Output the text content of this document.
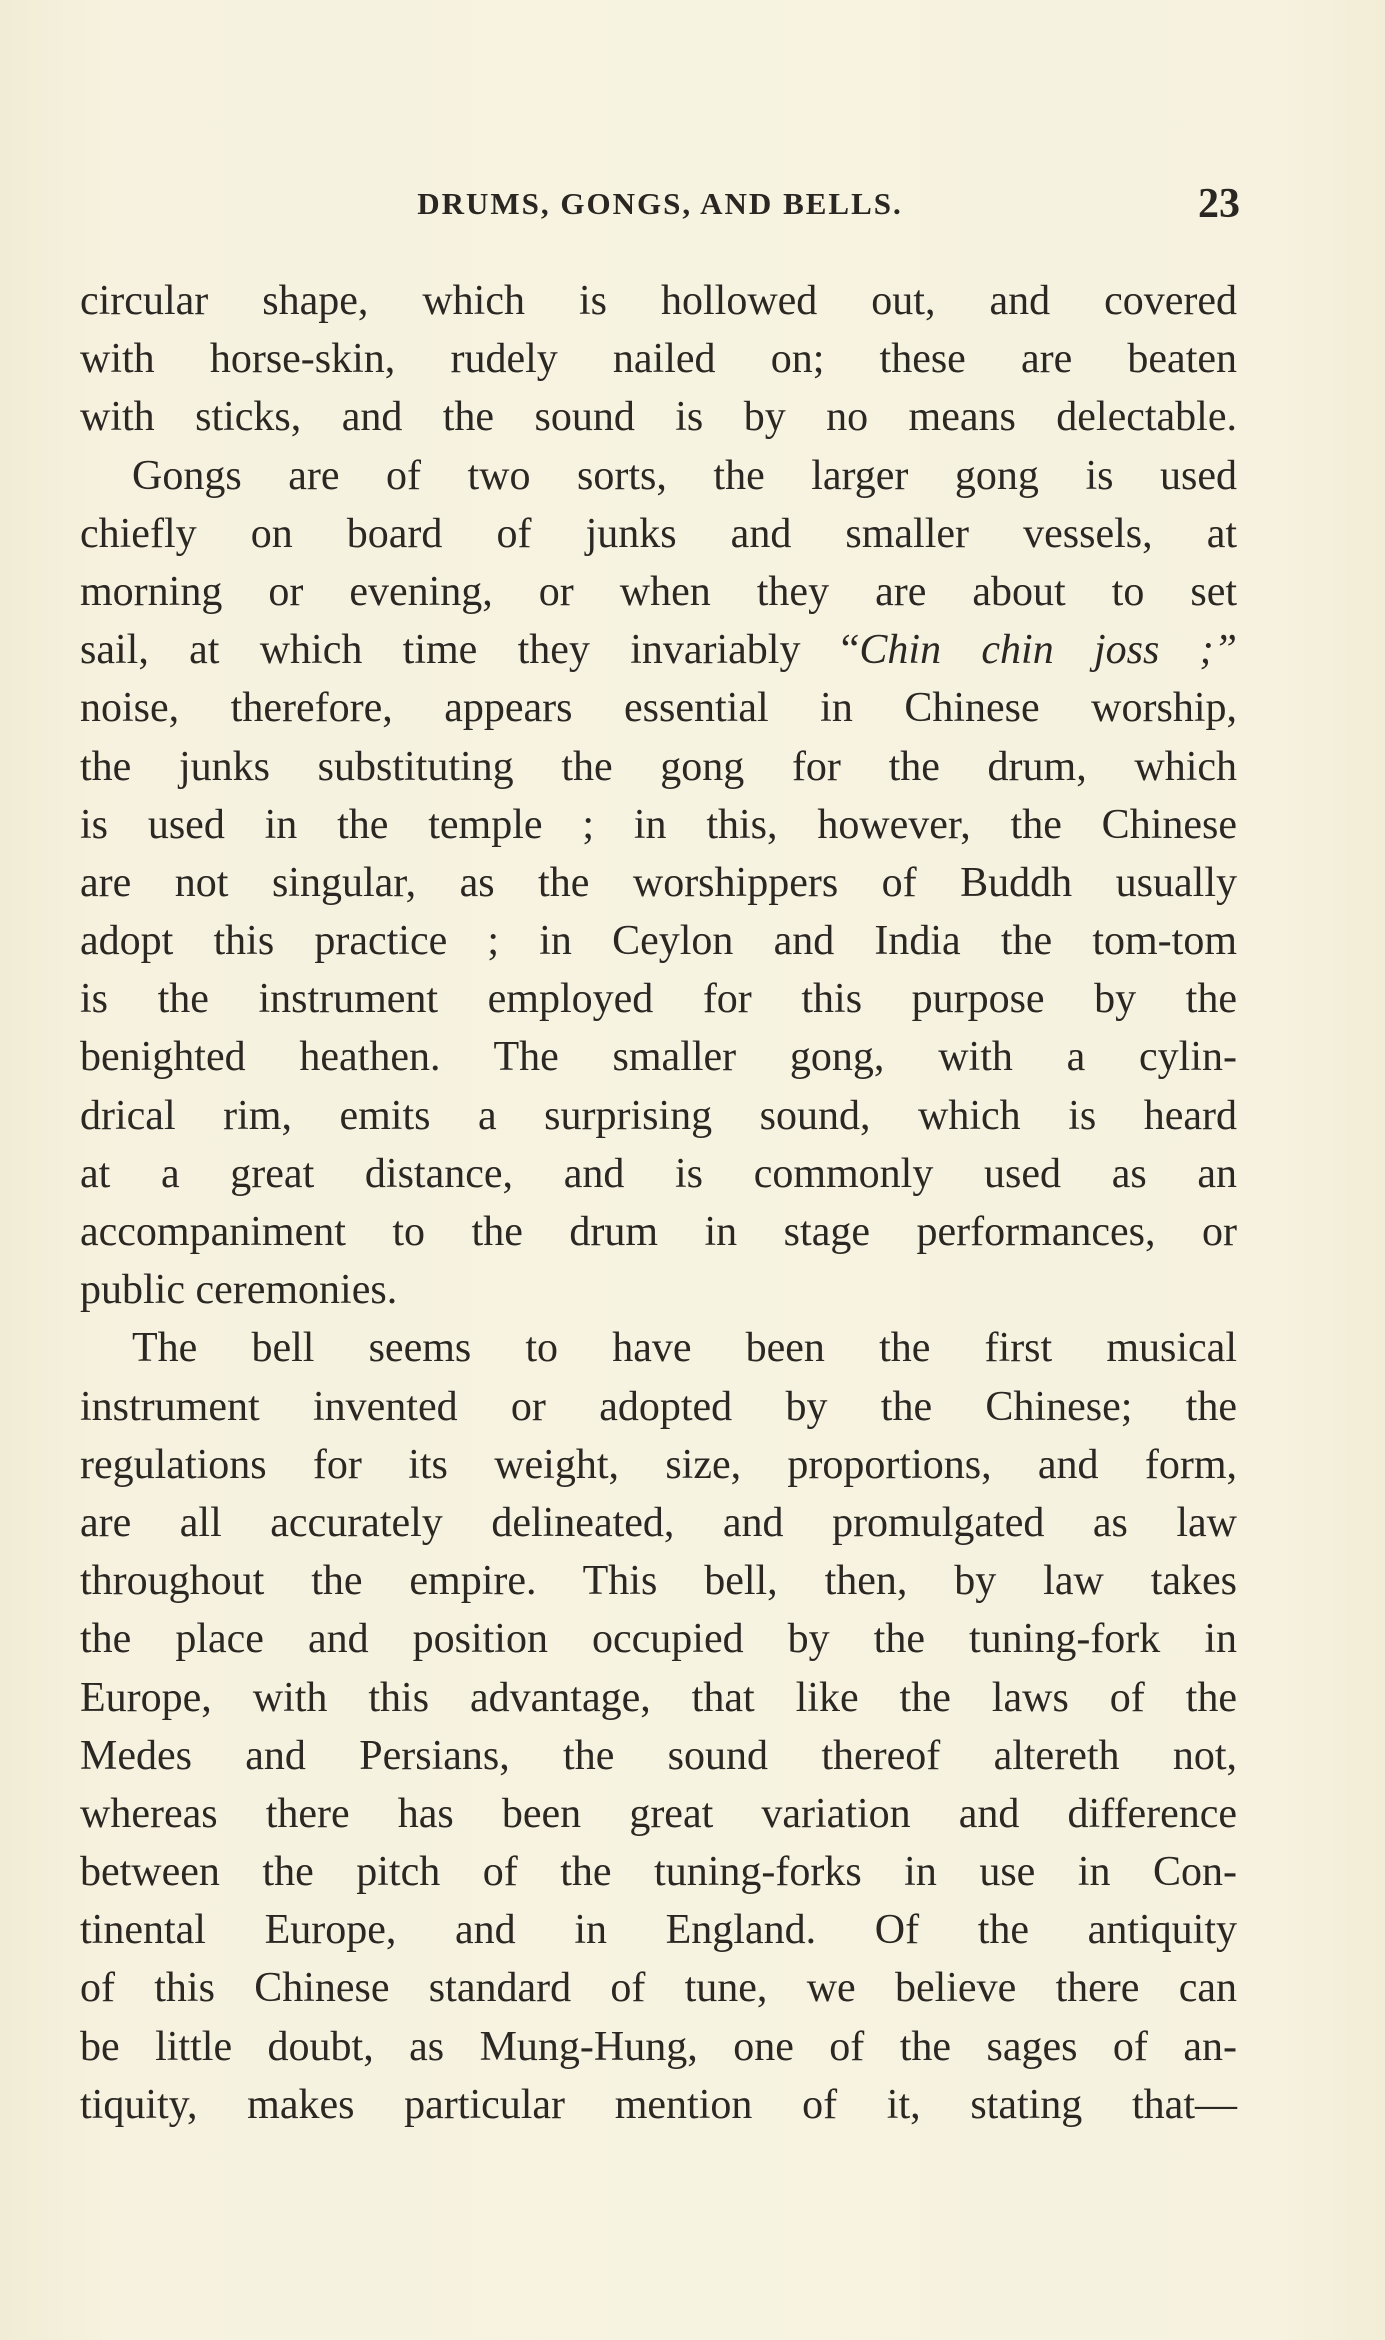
DRUMS, GONGS, AND BELLS.	23
circular shape, which is hollowed out, and covered
with horse-skin, rudely nailed on; these are beaten
with sticks, and the sound is by no means delectable.
Gongs are of two sorts, the larger gong is used
chiefly on board of junks and smaller vessels, at
morning or evening, or when they are about to set
sail, at which time they invariably “Chin chin joss ;”
noise, therefore, appears essential in Chinese worship,
the junks substituting the gong for the drum, which
is used in the temple ; in this, however, the Chinese
are not singular, as the worshippers of Buddh usually
adopt this practice ; in Ceylon and India the tom-tom
is the instrument employed for this purpose by the
benighted heathen. The smaller gong, with a cylin-
drical rim, emits a surprising sound, which is heard
at a great distance, and is commonly used as an
accompaniment to the drum in stage performances, or
public ceremonies.
The bell seems to have been the first musical
instrument invented or adopted by the Chinese; the
regulations for its weight, size, proportions, and form,
are all accurately delineated, and promulgated as law
throughout the empire. This bell, then, by law takes
the place and position occupied by the tuning-fork in
Europe, with this advantage, that like the laws of the
Medes and Persians, the sound thereof altereth not,
whereas there has been great variation and difference
between the pitch of the tuning-forks in use in Con-
tinental Europe, and in England. Of the antiquity
of this Chinese standard of tune, we believe there can
be little doubt, as Mung-Hung, one of the sages of an-
tiquity, makes particular mention of it, stating that—
